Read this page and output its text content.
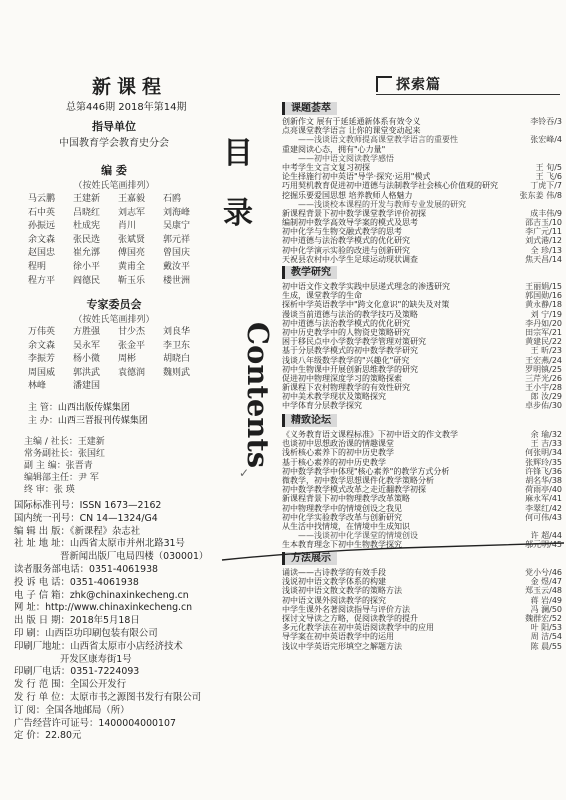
新课程
总第446期 2018年第14期
指导单位
中国教育学会教育史分会
编 委
（按姓氏笔画排列）
马云鹏	王建新	王嘉毅	石鸥
石中英	吕晓红	刘志军	刘海峰
孙振远	杜成宪	肖川	吴康宁
余文森	张民选	张斌贤	郭元祥
赵国忠	崔允漷	傅国亮	曾国庆
程明	徐小平	黄甫全	戴汝平
程方平	阎德民	靳玉乐	楼世洲
专家委员会
（按姓氏笔画排列）
万伟英	方胜强	甘少杰	刘良华
余文森	吴永军	张金平	李卫东
李振芳	杨小微	周彬	胡晓白
周国威	郭洪武	袁德润	魏则武
林峰	潘建国
主 管：山西出版传媒集团
主 办：山西三晋报刊传媒集团
主编 / 社长：王建新
常务副社长：张国红
副 主 编：张晋青
编辑部主任：尹 军
终 审：张 瑛
国际标准刊号：ISSN 1673—2162
国内统一刊号：CN 14—1324/G4
编 辑 出 版：《新课程》杂志社
社 址 地 址：山西省太原市并州北路31号
晋新闻出版厂电局四楼（030001）
读者服务部电话：0351-4061938
投 诉 电 话：0351-4061938
电 子 信 箱：zhk@chinaxinkecheng.cn
网 址：http://www.chinaxinkecheng.cn
出 版 日 期：2018年5月18日
印 刷：山西臣功印刷包装有限公司
印刷厂地址：山西省太原市小店经济技术
开发区康寿街1号
印刷厂电话：0351-7224093
发 行 范 围：全国公开发行
发 行 单 位：太原市书之源图书发行有限公司
订 阅：全国各地邮局（所）
广告经营许可证号：1400004000107
定 价：22.80元
目
录
Contents
✓
探索篇
课题荟萃
创新作文 展有于延延通新体系有效令义	李铃吞/3
点亮课堂教学语言 让你的课堂变动起来
——浅谈语文教师提高课堂教学语言的重要性	张宏峰/4
重建阅读心态，拥有"心力量"
——初中语文阅读教学感悟
中考学生文言文复习初探	王 旬/5
论生择施行初中英语"导学·探究·运用"模式	王 飞/6
巧用契机教育促进初中道德与法制教学社会核心价值观的研究	丁虎下/7
挖掘乐要爱国思想 培养教师人格魅力	张东姜 伟/8
——浅谈校本课程的开发与教师专业发展的研究
新课程背景下初中数学课堂教学评价初探	成丰伟/9
编制初中数学高效导学案的模式及思考	邵吉玉/10
初中化学与生物交融式教学的思考	李广元/11
初中道德与法治教学模式的优化研究	刘式港/12
初中化学演示实验的改进与创新研究	全 珍/13
天祝县农村中小学生足球运动现状调查	焦天昌/14
教学研究
初中语文作文教学实践中层递式理念的渗透研究	王丽娟/15
生成，课堂教学的生命	郭国勋/16
探析中学英语教学中"跨文化意识"的缺失及对策	黄永静/18
漫谈当前道德与法治的教学技巧及策略	刘 宁/19
初中道德与法治教学模式的优化研究	李丹如/20
初中历史教学中的人物资史策略研究	田宗军/21
困于移民点中小学数学教学管理对策研究	黄建民/22
基于分层教学模式的初中数学教学研究	王 昕/23
浅谈八年级数学教学的"兴趣化"研究	王宏燕/24
初中生物课中开展创新思维教学的研究	罗明镇/25
促进初中物理深度学习的策略探索	三芹光/26
新课程下农村物理教学的有效性研究	王小宇/28
初中美术教学现状及策略探究	郎 汝/29
中学体育分层教学探究	卓步佑/30
精致论坛
《义务教育语文课程标准》下初中语文的作文教学	余 瑜/32
也谈初中思想政治课的情趣课堂	王 吉/33
浅析核心素养下的初中历史教学	何张明/34
基于核心素养的初中历史教学	张辉玲/35
初中数学教学中体现"核心素养"的教学方式分析	许锋飞/36
微教学，初中数学思想课件化教学策略分析	胡名华/38
初中数学教学模式改革之走近翻教学初探	荷雨亭/40
新课程背景下初中物理教学改革策略	麻永军/41
初中物理教学中的情境创设之我见	李翠红/42
初中化学实验教学改革与创新研究	何可伟/43
从生活中找情境，在情境中生成知识
——浅谈初中化学课堂的情境创设	许 超/44
生本教育理念下初中生物教学探究	邬元明/45
方法展示
诵读——古诗教学的有效手段	党小兮/46
浅说初中语文教学体系的构建	金 煜/47
浅谈初中语文散文教学的策略方法	郑玉云/48
初中语文课外阅读教学的探究	蒋 岩/49
中学生课外名著阅读指导与评价方法	冯 澜/50
探讨文导读之方略，促阅读教学的提升	魏群宏/52
多元化教学法在初中英语阅读教学中的应用	叶 阳/53
导学案在初中英语教学中的运用	周 洁/54
浅议中学英语完形填空之解题方法	陈 晨/55
